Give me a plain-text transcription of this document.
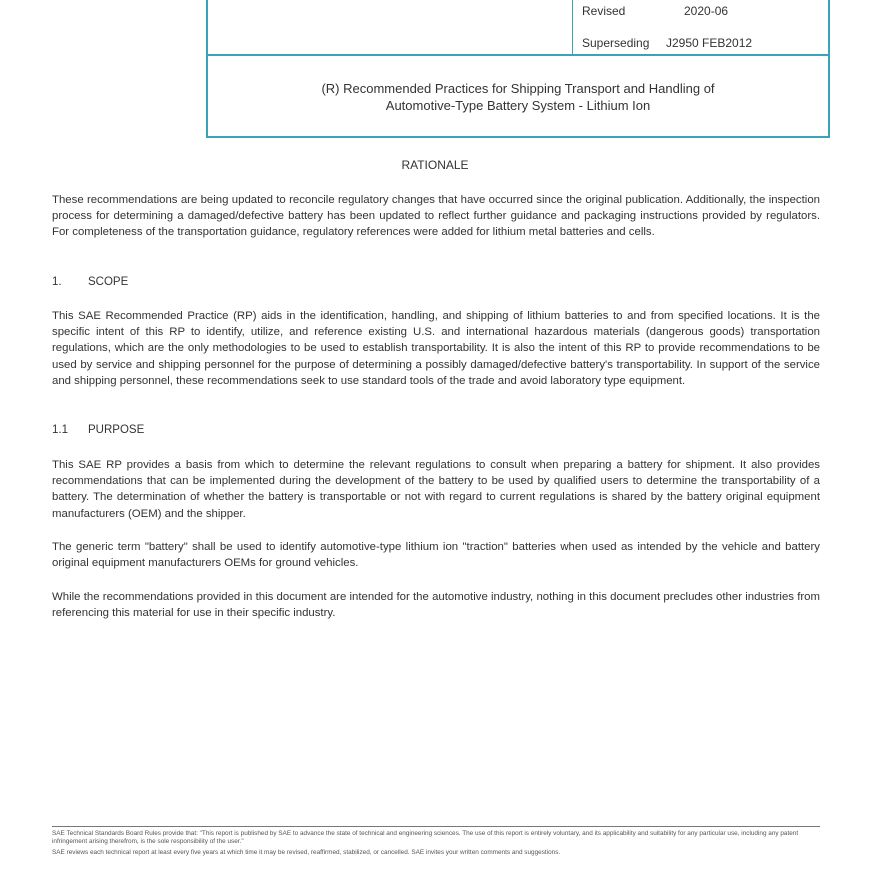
Revised	2020-06
Superseding J2950 FEB2012
(R) Recommended Practices for Shipping Transport and Handling of
Automotive-Type Battery System - Lithium Ion
RATIONALE
These recommendations are being updated to reconcile regulatory changes that have occurred since the original publication. Additionally, the inspection process for determining a damaged/defective battery has been updated to reflect further guidance and packaging instructions provided by regulators. For completeness of the transportation guidance, regulatory references were added for lithium metal batteries and cells.
1. SCOPE
This SAE Recommended Practice (RP) aids in the identification, handling, and shipping of lithium batteries to and from specified locations. It is the specific intent of this RP to identify, utilize, and reference existing U.S. and international hazardous materials (dangerous goods) transportation regulations, which are the only methodologies to be used to establish transportability. It is also the intent of this RP to provide recommendations to be used by service and shipping personnel for the purpose of determining a possibly damaged/defective battery's transportability. In support of the service and shipping personnel, these recommendations seek to use standard tools of the trade and avoid laboratory type equipment.
1.1 PURPOSE
This SAE RP provides a basis from which to determine the relevant regulations to consult when preparing a battery for shipment. It also provides recommendations that can be implemented during the development of the battery to be used by qualified users to determine the transportability of a battery. The determination of whether the battery is transportable or not with regard to current regulations is shared by the battery original equipment manufacturers (OEM) and the shipper.
The generic term "battery" shall be used to identify automotive-type lithium ion "traction" batteries when used as intended by the vehicle and battery original equipment manufacturers OEMs for ground vehicles.
While the recommendations provided in this document are intended for the automotive industry, nothing in this document precludes other industries from referencing this material for use in their specific industry.

SAE Technical Standards Board Rules provide that: "This report is published by SAE to advance the state of technical and engineering sciences. The use of this report is entirely voluntary, and its applicability and suitability for any particular use, including any patent infringement arising therefrom, is the sole responsibility of the user."

SAE reviews each technical report at least every five years at which time it may be revised, reaffirmed, stabilized, or cancelled. SAE invites your written comments and suggestions.
